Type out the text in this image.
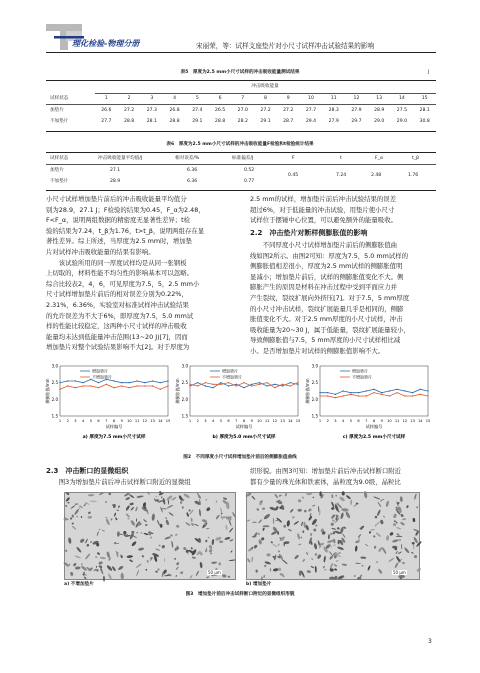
理化检验-物理分册	宋丽荣，等：试样支座垫片对小尺寸试样冲击试验结果的影响
表5　厚度为2.5 mm小尺寸试样的冲击吸收能量测试结果	J
冲击吸收能量
试样状态	1	2	3	4	5	6	7	8	9	10	11	12	13	14	15
加垫片	26.6	27.2	27.3	26.8	27.4	26.5	27.0	27.2	27.2	27.7	28.3	27.9	28.9	27.5	28.1
不加垫片	27.7	28.8	28.1	28.8	29.1	28.8	28.2	29.1	28.7	29.4	27.9	29.7	29.0	29.0	30.8
表6　厚度为2.5 mm小尺寸试样的冲击吸收能量F检验和t检验统计结果
试样状态	冲击吸收能量平均值/J	相对误差/%	标准偏差/J	F	t	F_α	t_β
加垫片	27.1	6.36	0.52
不加垫片	28.9	6.36	0.77
0.45	7.24	2.48	1.76
小尺寸试样增加垫片前后的冲击吸收能量平均值分
别为28.9，27.1 J；F检验的结果为0.45，F_α为2.48，
F<F_α，说明两组数据的精密度无显著性差异；t检
验的结果为7.24，t_β为1.76，t>t_β，说明两组存在显
著性差异。综上所述，当厚度为2.5 mm时，增加垫
片对试样冲击吸收能量的结果有影响。
　　该试验所用的同一厚度试样均是从同一张钢板
上切取的，材料性能不均匀性的影响基本可以忽略。
综合比较表2，4，6，可见厚度为7.5，5，2.5 mm小
尺寸试样增加垫片前后的相对误差分别为0.22%，
2.31%，6.36%，实验室对标准试样冲击试验结果
的允许误差为不大于6%，即厚度为7.5，5.0 mm试
样的性能比较稳定，这两种小尺寸试样的冲击吸收
能量均未达到低能量冲击范围(13~20 J)[7]，因而
增加垫片对整个试验结果影响不大[2]。对于厚度为
2.5 mm的试样，增加垫片前后冲击试验结果的误差
超过6%，对于低能量的冲击试验，用垫片使小尺寸
试样位于摆锤中心位置，可以避免额外的能量吸收。
2.2　冲击垫片对断样侧膨胀值的影响
　　不同厚度小尺寸试样增加垫片前后的侧膨胀值曲
线如图2所示。由图2可知：厚度为7.5，5.0 mm试样的
侧膨胀值相差很小，厚度为2.5 mm试样的侧膨胀值明
显减小；增加垫片前后，试样的侧膨胀值变化不大。侧
膨胀产生的原因是材料在冲击过程中受到平面应力并
产生裂纹，裂纹扩展向外挤压[7]。对于7.5，5 mm厚度
的小尺寸冲击试样，裂纹扩展能量几乎是相同的，侧膨
胀值变化不大。对于2.5 mm厚度的小尺寸试样，冲击
吸收能量为20~30 J，属于低能量，裂纹扩展能量较小，
导致侧膨胀值与7.5，5 mm厚度的小尺寸试样相比减
小。是否增加垫片对试样的侧膨胀值影响不大。
1.5
2.0
2.5
3.0
1 2 3 4 5 6 7 8 9 10 11 12 13 14 15
试样编号
侧膨胀值/mm
增加垫片
不增加垫片
a) 厚度为7.5 mm小尺寸试样
1.5
2.0
2.5
3.0
1 2 3 4 5 6 7 8 9 10 11 12 13 14 15
试样编号
侧膨胀值/mm
增加垫片
不增加垫片
b) 厚度为5.0 mm小尺寸试样
1.5
2.0
2.5
3.0
1 2 3 4 5 6 7 8 9 10 11 12 13 14 15
试样编号
侧膨胀值/mm
增加垫片
不增加垫片
c) 厚度为2.5 mm小尺寸试样
图2　不同厚度小尺寸试样增加垫片前后的侧膨胀值曲线
2.3　冲击断口的显微组织
　　图3为增加垫片前后冲击试样断口附近的显微组
织形貌。由图3可知：增加垫片前后冲击试样断口附近
都有少量的珠光体和铁素体，晶粒度为9.0级，晶粒比
50 μm	50 μm
a) 不增加垫片	b) 增加垫片
图3　增加垫片前后冲击试样断口附近的显微组织形貌
3
